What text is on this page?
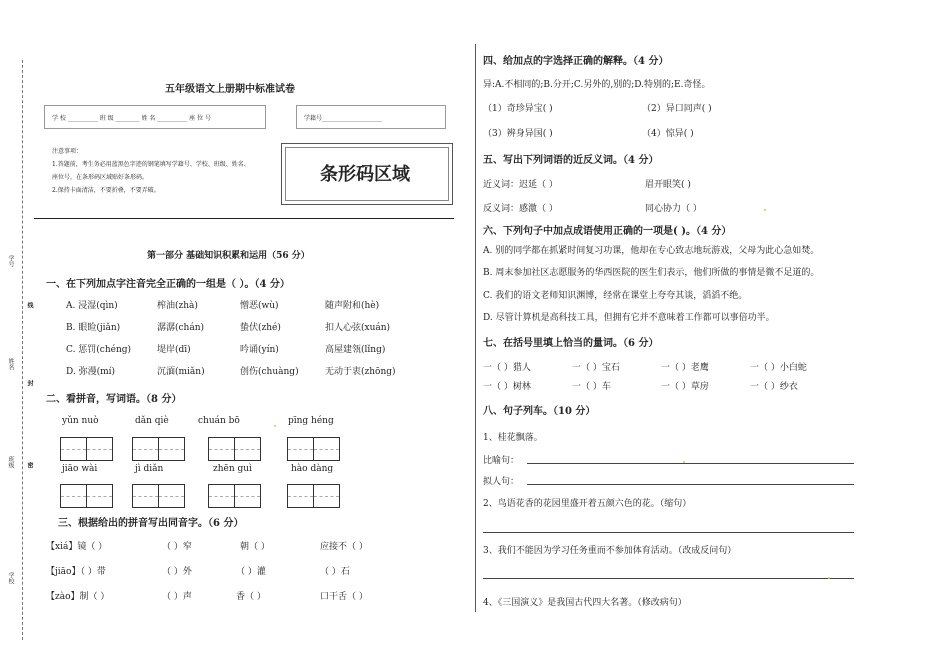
学号
线
姓名
封
班级 密
学校
五年级语文上册期中标准试卷
学 校 __________ 班 级 ________ 姓 名 __________ 座 位 号	学籍号____________________
注意事项：
1.答题前，考生务必用蓝黑色字迹的钢笔填写学籍号、学校、班级、姓名、
座位号，在条形码区域贴好条形码。
2.保持卡面清洁，不要折叠，不要弄破。
条形码区域
第一部分 基础知识积累和运用（56 分）
一、在下列加点字注音完全正确的一组是（ ）。（4 分）
A. 浸湿(qìn)	榨油(zhà)	憎恶(wù)	随声附和(hè)
B. 眼睑(jiǎn)	潺潺(chán)	蛰伏(zhé)	扣人心弦(xuán)
C. 惩罚(chéng)	堤岸(dī)	吟诵(yín)	高屋建瓴(lǐng)
D. 弥漫(mí)	沉湎(miǎn)	创伤(chuàng)	无动于衷(zhōng)
二、看拼音，写词语。（8 分）
yǔn nuò	dǎn qiè	chuán bō	pīng héng
jiāo wài	jì diǎn	zhēn guì	hào dàng
三、根据给出的拼音写出同音字。（6 分）
【xiá】镜（ ）	（ ）窄	朝（ ）	应接不（ ）
【jiāo】（ ）带	（ ）外	（ ）灌	（ ）石
【zào】制（ ）	（ ）声	香（ ）	口干舌（ ）
四、给加点的字选择正确的解释。（4 分）
异:A.不相同的;B.分开;C.另外的,别的;D.特别的;E.奇怪。
（1）奇珍异宝( )	（2）异口同声( )
（3）辨身异国( )	（4）惊异( )
五、写出下列词语的近反义词。（4 分）
近义词：迟延（ ）	眉开眼笑( )
反义词：感激（ ）	同心协力（ ）
六、下列句子中加点成语使用正确的一项是( )。（4 分）
A. 别的同学都在抓紧时间复习功课，他却在专心致志地玩游戏，父母为此心急如焚。
B. 周末参加社区志愿服务的华西医院的医生们表示，他们所做的事情是微不足道的。
C. 我们的语文老师知识渊博，经常在课堂上夸夸其谈，滔滔不绝。
D. 尽管计算机是高科技工具，但拥有它并不意味着工作都可以事倍功半。
七、在括号里填上恰当的量词。（6 分）
一（ ）猎人	一（ ）宝石	一（ ）老鹰	一（ ）小白蛇
一（ ）树林	一（ ）车	一（ ）草房	一（ ）纱衣
八、句子列车。（10 分）
1、桂花飘落。
比喻句：
拟人句：
2、鸟语花香的花园里盛开着五颜六色的花。（缩句）
3、我们不能因为学习任务重而不参加体育活动。（改成反问句）
4、《三国演义》是我国古代四大名著。（修改病句）
